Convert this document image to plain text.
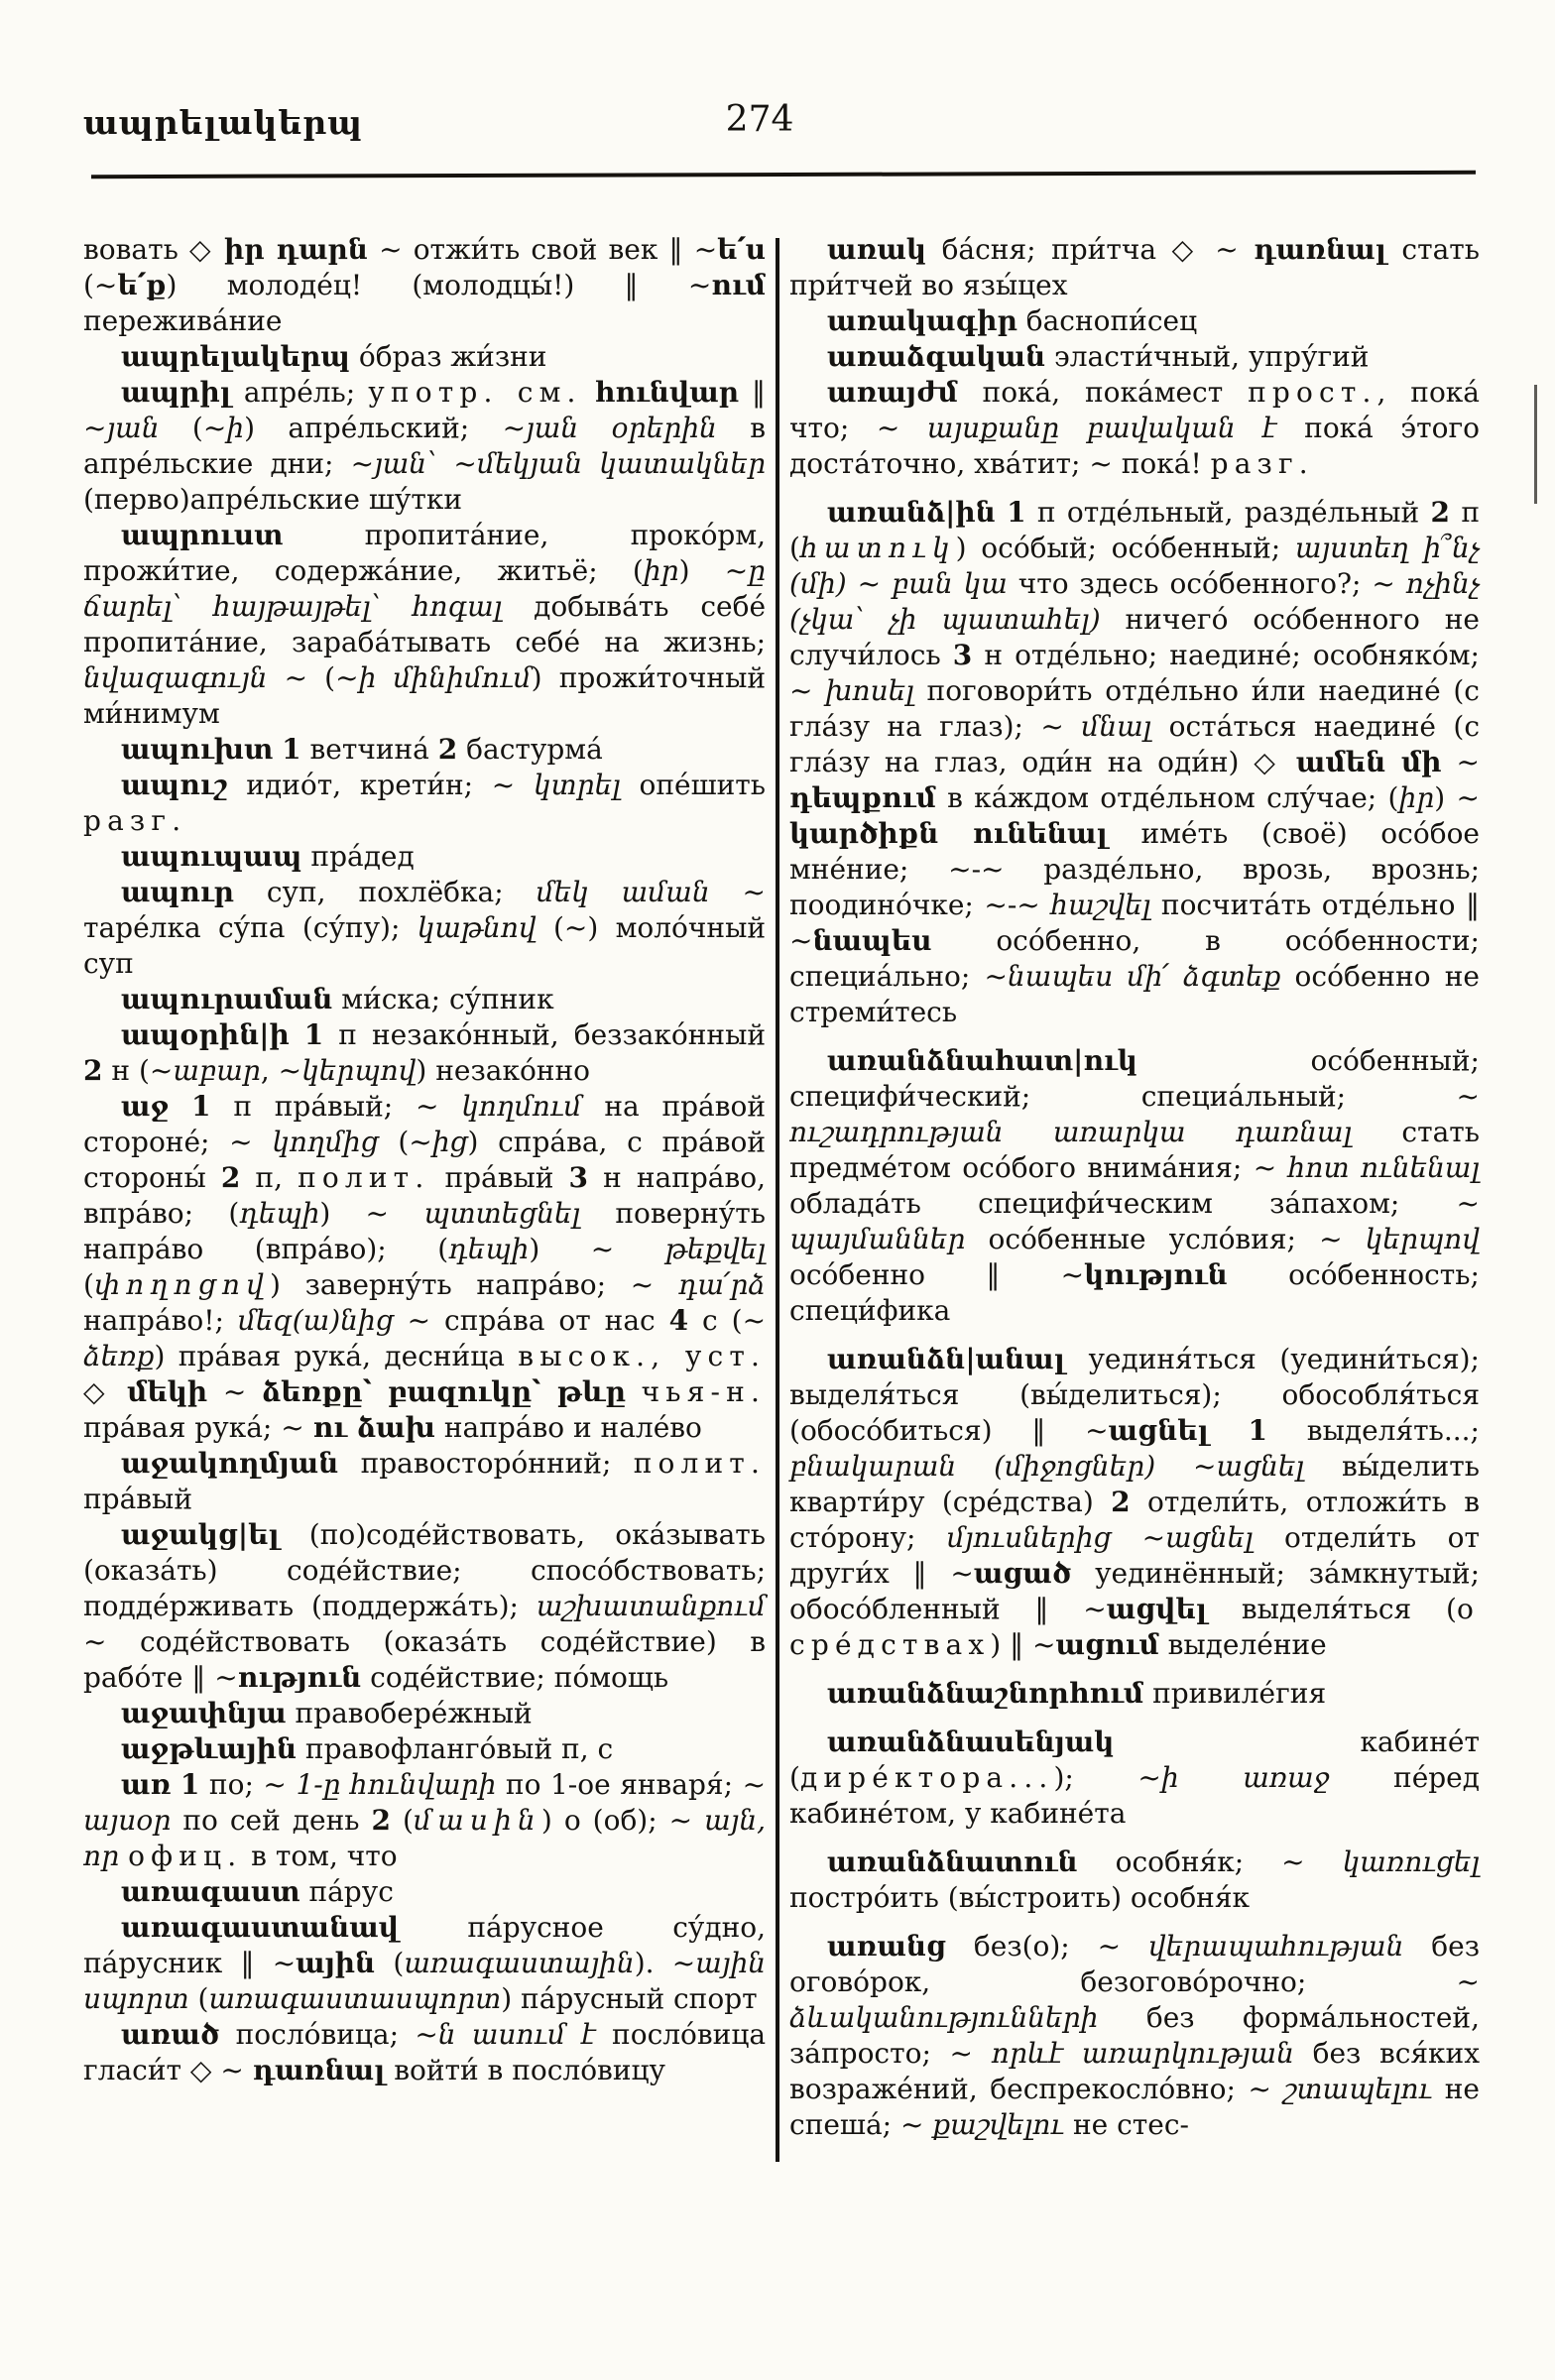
ապրելակերպ	274

вовать ◇ իր դարն ~ отжи́ть свой век ‖ ~ե՛ս (~ե՛ք) молоде́ц! (молодцы́!) ‖ ~ում пережива́ние

ապրելակերպ о́браз жи́зни

ապրիլ апре́ль; употр. см. հունվար ‖ ~յան (~ի) апре́льский; ~յան օրերին в апре́льские дни; ~յան՝ ~մեկյան կատակներ (перво)апре́льские шу́тки

ապրուստ пропита́ние, проко́рм, прожи́тие, содержа́ние, житьё; (իր) ~ը ճարել՝ հայթայթել՝ հոգալ добыва́ть себе́ пропита́ние, зараба́тывать себе́ на жизнь; նվազագույն ~ (~ի մինիմում) прожи́точный ми́нимум

ապուխտ 1 ветчина́ 2 бастурма́

ապուշ идио́т, крети́н; ~ կտրել опе́шить разг.

ապուպապ пра́дед

ապուր суп, похлёбка; մեկ աման ~ таре́лка су́па (су́пу); կաթնով (~) моло́чный суп

ապուրաման ми́ска; су́пник

ապօրին|ի 1 п незако́нный, беззако́нный 2 н (~աբար, ~կերպով) незако́нно

աջ 1 п пра́вый; ~ կողմում на пра́вой стороне́; ~ կողմից (~ից) спра́ва, с пра́вой стороны́ 2 п, полит. пра́вый 3 н напра́во, впра́во; (դեպի) ~ պտտեցնել поверну́ть напра́во (впра́во); (դեպի) ~ թեքվել (փողոցով) заверну́ть напра́во; ~ դա՛րձ напра́во!; մեզ(ա)նից ~ спра́ва от нас 4 с (~ ձեռք) пра́вая рука́, десни́ца высок., уст. ◇ մեկի ~ ձեռքը՝ բազուկը՝ թևը чья-н. пра́вая рука́; ~ ու ձախ напра́во и нале́во

աջակողմյան правосторо́нний; полит. пра́вый

աջակց|ել (по)соде́йствовать, ока́зывать (оказа́ть) соде́йствие; спосо́бствовать; подде́рживать (поддержа́ть); աշխատանքում ~ соде́йствовать (оказа́ть соде́йствие) в рабо́те ‖ ~ություն соде́йствие; по́мощь

աջափնյա правобере́жный

աջթևային правофланго́вый п, с

առ 1 по; ~ 1-ը հունվարի по 1-ое января́; ~ այսօր по сей день 2 (մասին) о (об); ~ այն, որ офиц. в том, что

առագաստ па́рус

առագաստանավ па́русное су́дно, па́русник ‖ ~ային (առագաստային). ~ային սպորտ (առագաստասպորտ) па́русный спорт

առած посло́вица; ~ն ասում է посло́вица гласи́т ◇ ~ դառնալ войти́ в посло́вицу

առակ ба́сня; при́тча ◇ ~ դառնալ стать при́тчей во язы́цех

առակագիր баснопи́сец

առաձգական эласти́чный, упру́гий

առայժմ пока́, пока́мест прост., пока́ что; ~ այսքանը բավական է пока́ э́того доста́точно, хва́тит; ~ пока́! разг.

առանձ|ին 1 п отде́льный, разде́льный 2 п (հատուկ) осо́бый; осо́бенный; այստեղ ի՞նչ (մի) ~ բան կա что здесь осо́бенного?; ~ ոչինչ (չկա՝ չի պատահել) ничего́ осо́бенного не случи́лось 3 н отде́льно; наедине́; особняко́м; ~ խոսել поговори́ть отде́льно и́ли наедине́ (с гла́зу на глаз); ~ մնալ оста́ться наедине́ (с гла́зу на глаз, оди́н на оди́н) ◇ ամեն մի ~ դեպքում в ка́ждом отде́льном слу́чае; (իր) ~ կարծիքն ունենալ име́ть (своё) осо́бое мне́ние; ~-~ разде́льно, врозь, врознь; поодино́чке; ~-~ հաշվել посчита́ть отде́льно ‖ ~նապես осо́бенно, в осо́бенности; специа́льно; ~նապես մի՛ ձգտեք осо́бенно не стреми́тесь

առանձնահատ|ուկ осо́бенный; специфи́ческий; специа́льный; ~ ուշադրության առարկա դառնալ стать предме́том осо́бого внима́ния; ~ հոտ ունենալ облада́ть специфи́ческим за́пахом; ~ պայմաններ осо́бенные усло́вия; ~ կերպով осо́бенно ‖ ~կություն осо́бенность; специ́фика

առանձն|անալ уединя́ться (уедини́ться); выделя́ться (вы́делиться); обособля́ться (обосо́биться) ‖ ~ացնել 1 выделя́ть...; բնակարան (միջոցներ) ~ացնել вы́делить кварти́ру (сре́дства) 2 отдели́ть, отложи́ть в сто́рону; մյուսներից ~ացնել отдели́ть от други́х ‖ ~ացած уединённый; за́мкнутый; обосо́бленный ‖ ~ացվել выделя́ться (о сре́дствах) ‖ ~ացում выделе́ние

առանձնաշնորհում привиле́гия

առանձնասենյակ кабине́т (дире́ктора...); ~ի առաջ пе́ред кабине́том, у кабине́та

առանձնատուն особня́к; ~ կառուցել постро́ить (вы́строить) особня́к

առանց без(о); ~ վերապահության без огово́рок, безогово́рочно; ~ ձևականությունների без форма́льностей, за́просто; ~ որևէ առարկության без вся́ких возраже́ний, беспрекосло́вно; ~ շտապելու не спеша́; ~ քաշվելու не стес-
